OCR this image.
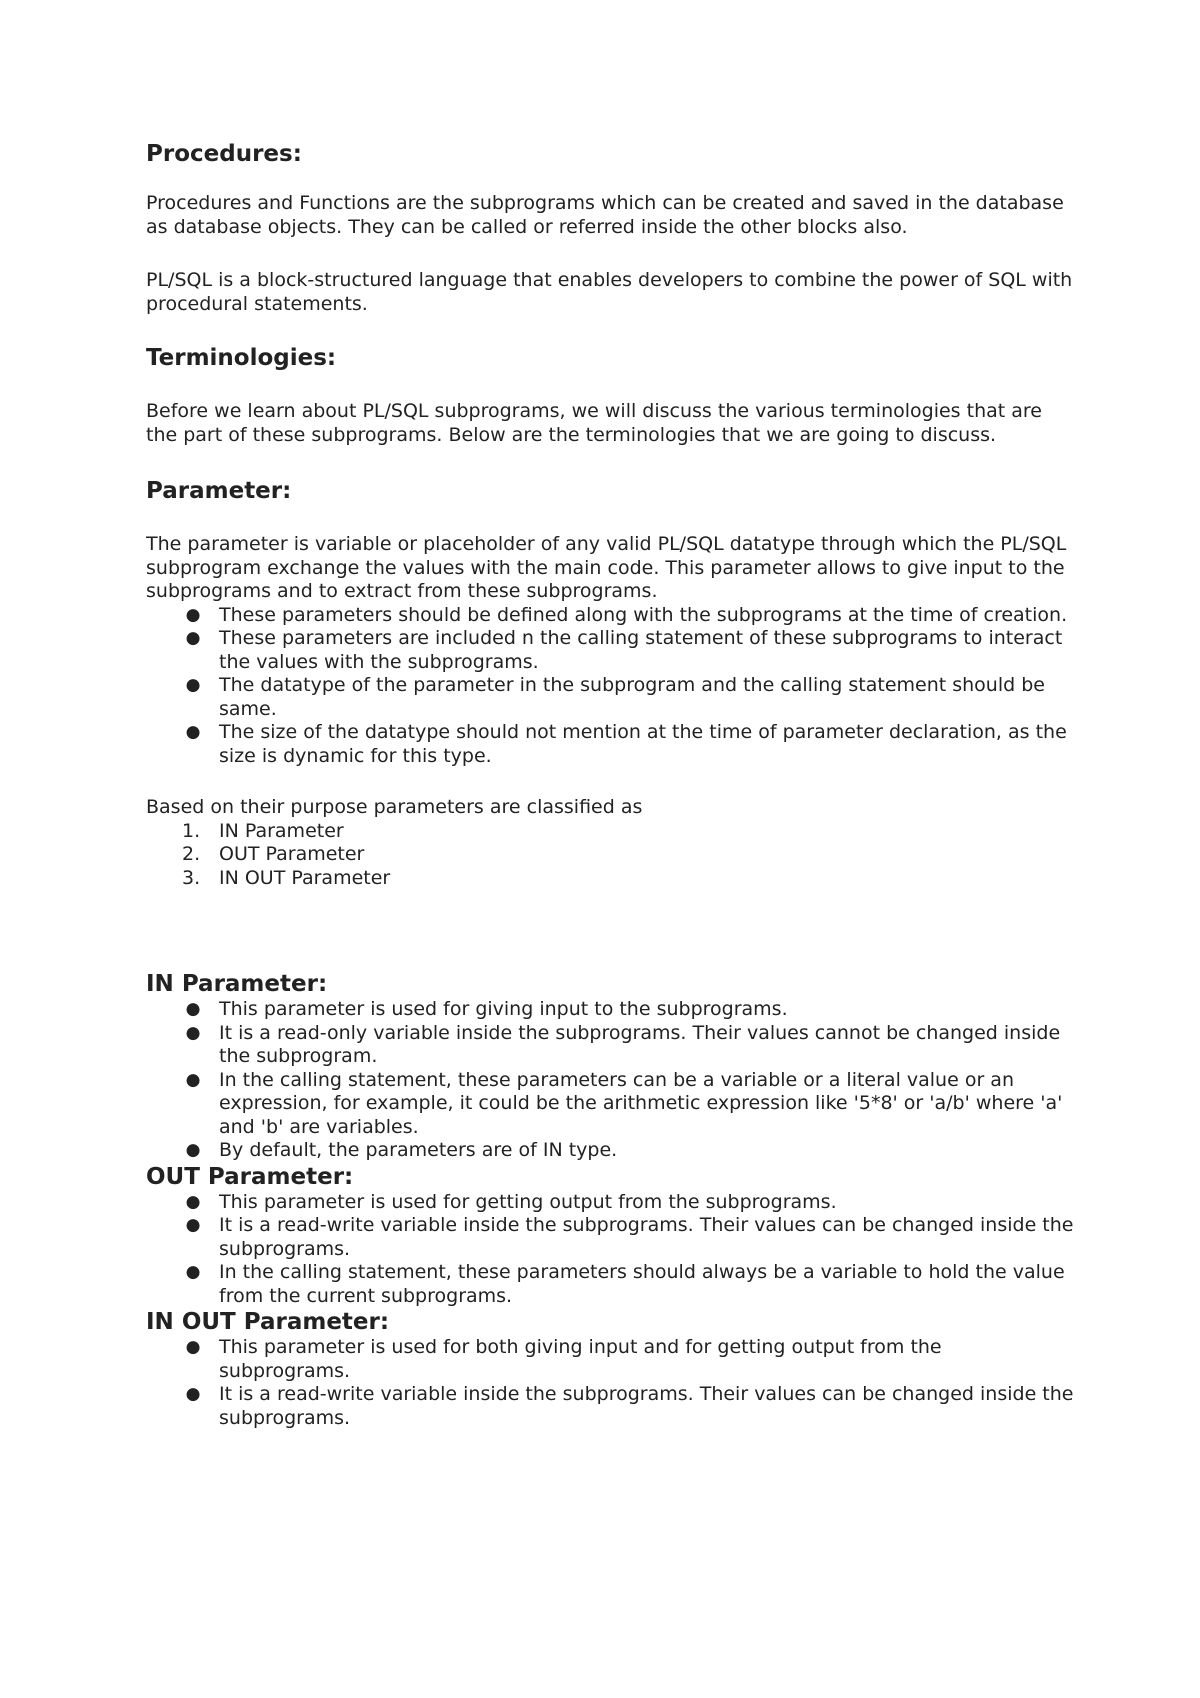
Procedures:

Procedures and Functions are the subprograms which can be created and saved in the database as database objects. They can be called or referred inside the other blocks also.

PL/SQL is a block-structured language that enables developers to combine the power of SQL with procedural statements.

Terminologies:

Before we learn about PL/SQL subprograms, we will discuss the various terminologies that are the part of these subprograms. Below are the terminologies that we are going to discuss.

Parameter:

The parameter is variable or placeholder of any valid PL/SQL datatype through which the PL/SQL subprogram exchange the values with the main code. This parameter allows to give input to the subprograms and to extract from these subprograms.

● These parameters should be defined along with the subprograms at the time of creation.
● These parameters are included n the calling statement of these subprograms to interact the values with the subprograms.
● The datatype of the parameter in the subprogram and the calling statement should be same.
● The size of the datatype should not mention at the time of parameter declaration, as the size is dynamic for this type.

Based on their purpose parameters are classified as

1. IN Parameter
2. OUT Parameter
3. IN OUT Parameter
IN Parameter:
● This parameter is used for giving input to the subprograms.
● It is a read-only variable inside the subprograms. Their values cannot be changed inside the subprogram.
● In the calling statement, these parameters can be a variable or a literal value or an expression, for example, it could be the arithmetic expression like '5*8' or 'a/b' where 'a' and 'b' are variables.
● By default, the parameters are of IN type.
OUT Parameter:
● This parameter is used for getting output from the subprograms.
● It is a read-write variable inside the subprograms. Their values can be changed inside the subprograms.
● In the calling statement, these parameters should always be a variable to hold the value from the current subprograms.
IN OUT Parameter:
● This parameter is used for both giving input and for getting output from the subprograms.
● It is a read-write variable inside the subprograms. Their values can be changed inside the subprograms.
